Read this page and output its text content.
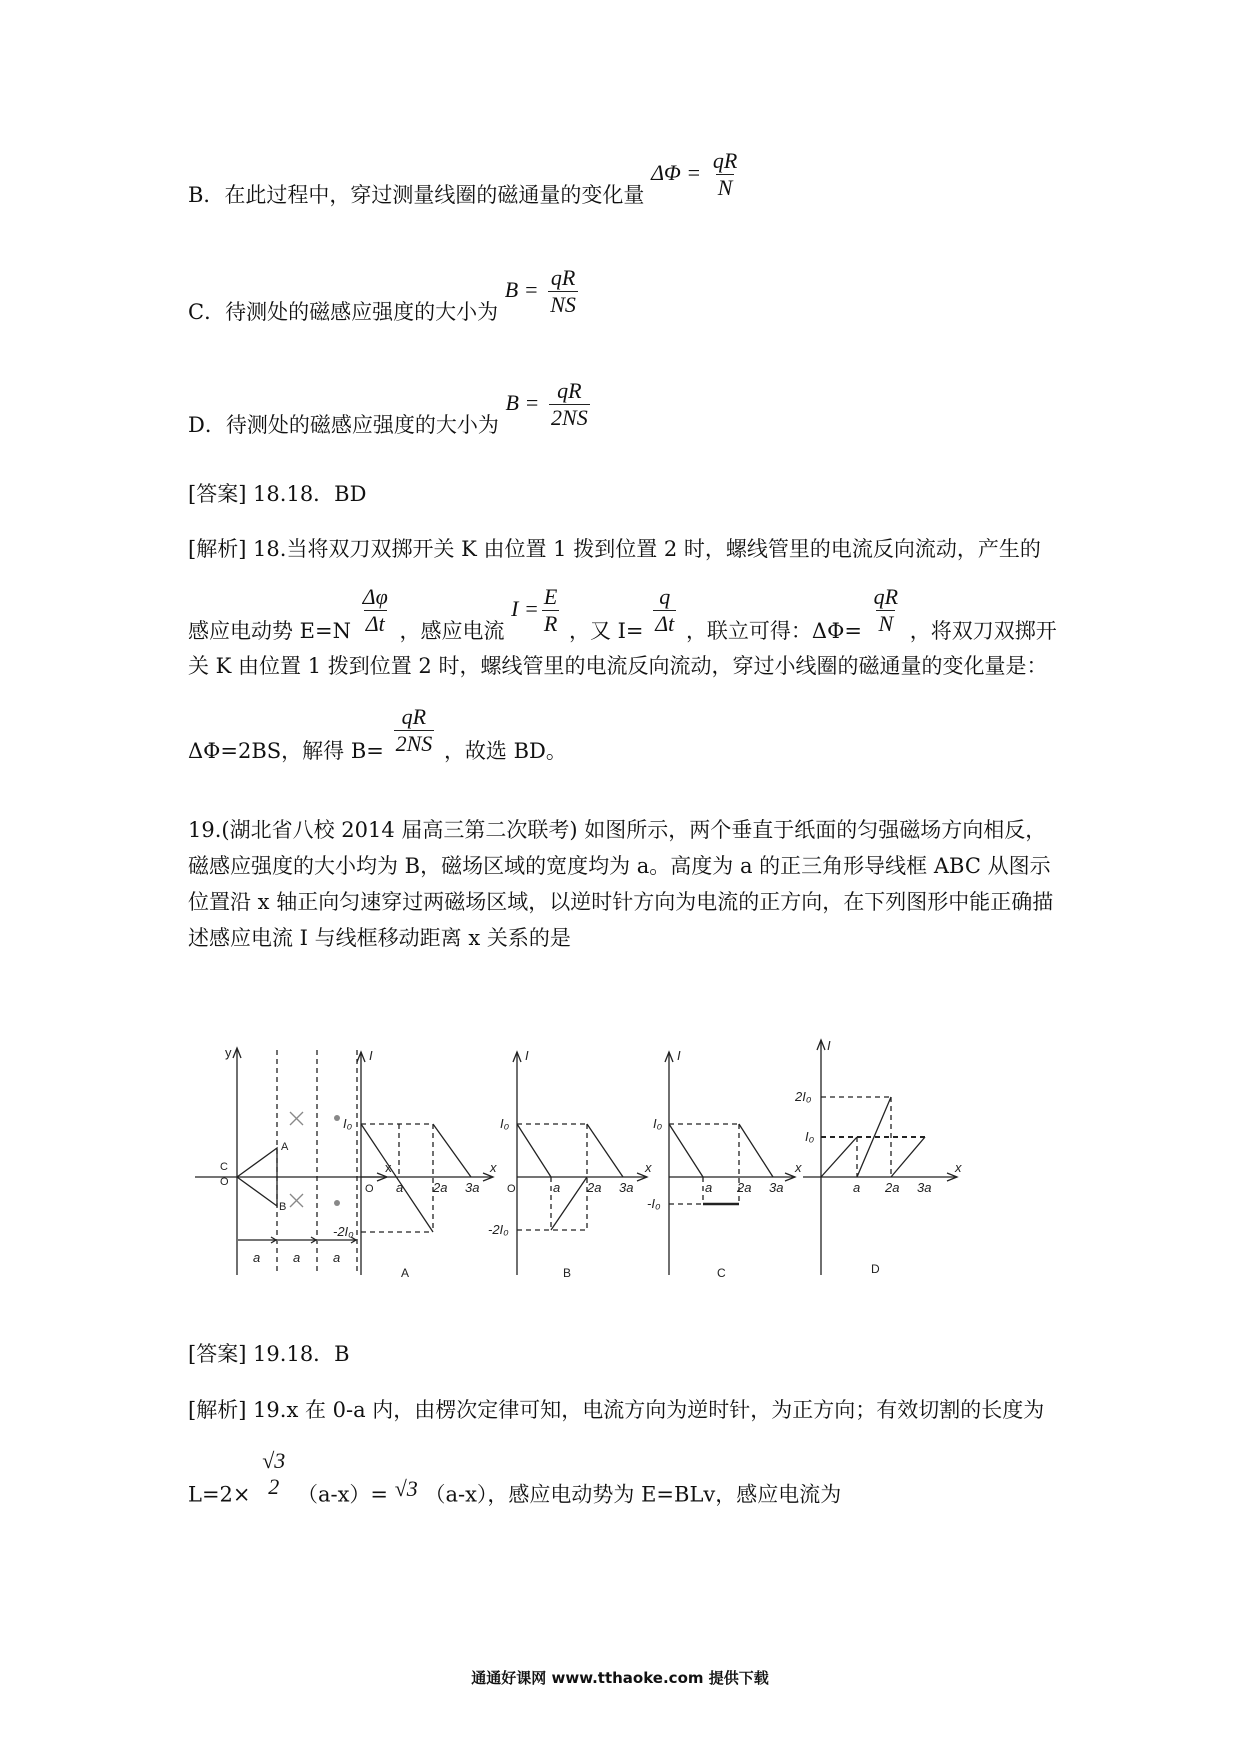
B．在此过程中，穿过测量线圈的磁通量的变化量 $\Delta\Phi = \frac{qR}{N}$
C．待测处的磁感应强度的大小为 $B = \frac{qR}{NS}$
D．待测处的磁感应强度的大小为 $B = \frac{qR}{2NS}$
[答案] 18.18．BD
[解析] 18.当将双刀双掷开关 K 由位置 1 拨到位置 2 时，螺线管里的电流反向流动，产生的
感应电动势 $E=N \frac{\Delta\varphi}{\Delta t}$ ，感应电流 $I = \frac{E}{R}$ ，又 $I= \frac{q}{\Delta t}$ ，联立可得：$\Delta\Phi= \frac{qR}{N}$ ，将双刀双掷开
关 K 由位置 1 拨到位置 2 时，螺线管里的电流反向流动，穿过小线圈的磁通量的变化量是：
ΔΦ=2BS，解得 $B= \frac{qR}{2NS}$ ，故选 BD。
19.(湖北省八校 2014 届高三第二次联考) 如图所示，两个垂直于纸面的匀强磁场方向相反，磁感应强度的大小均为 B，磁场区域的宽度均为 a。高度为 a 的正三角形导线框 ABC 从图示位置沿 x 轴正向匀速穿过两磁场区域，以逆时针方向为电流的正方向，在下列图形中能正确描述感应电流 I 与线框移动距离 x 关系的是
y
x
C
O
A
B
a	a	a
I
x
O
I₀
-2I₀
a 2a 3a
A
I
x
O
I₀
-2I₀
a 2a 3a
B
I
x
I₀
-I₀
a 2a 3a
C
I
x
2I₀
I₀
a 2a 3a
D
[答案] 19.18．B
[解析] 19.x 在 0-a 内，由楞次定律可知，电流方向为逆时针，为正方向；有效切割的长度为
L=2×
√3
2 （a-x）= √3 （a-x），感应电动势为 E=BLv，感应电流为
通通好课网 www.tthaoke.com 提供下载
